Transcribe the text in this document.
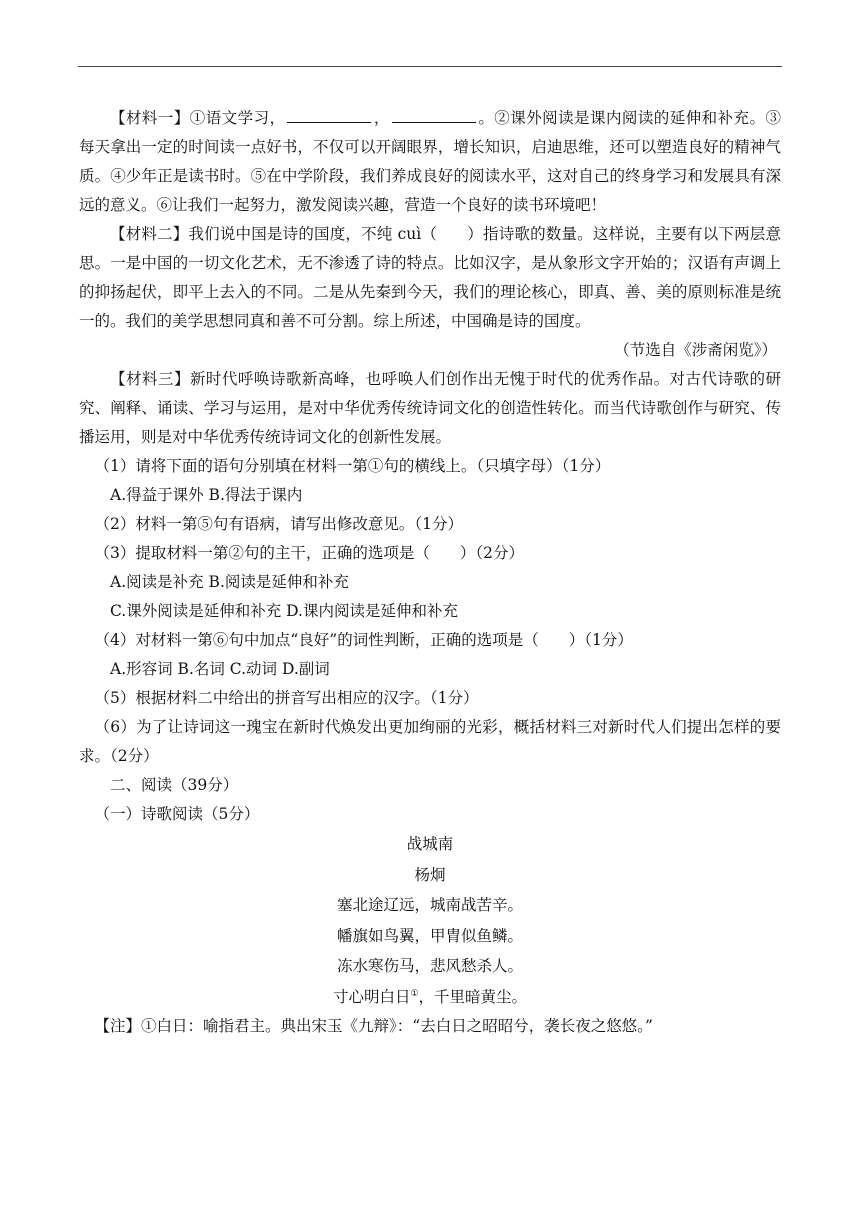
【材料一】①语文学习，	，	。②课外阅读是课内阅读的延伸和补充。③每天拿出一定的时间读一点好书，不仅可以开阔眼界，增长知识，启迪思维，还可以塑造良好的精神气质。④少年正是读书时。⑤在中学阶段，我们养成良好的阅读水平，这对自己的终身学习和发展具有深远的意义。⑥让我们一起努力，激发阅读兴趣，营造一个良好的读书环境吧！

【材料二】我们说中国是诗的国度，不纯 cuì（ ）指诗歌的数量。这样说，主要有以下两层意思。一是中国的一切文化艺术，无不渗透了诗的特点。比如汉字，是从象形文字开始的；汉语有声调上的抑扬起伏，即平上去入的不同。二是从先秦到今天，我们的理论核心，即真、善、美的原则标准是统一的。我们的美学思想同真和善不可分割。综上所述，中国确是诗的国度。

（节选自《涉斋闲览》）

【材料三】新时代呼唤诗歌新高峰，也呼唤人们创作出无愧于时代的优秀作品。对古代诗歌的研究、阐释、诵读、学习与运用，是对中华优秀传统诗词文化的创造性转化。而当代诗歌创作与研究、传播运用，则是对中华优秀传统诗词文化的创新性发展。

（1）请将下面的语句分别填在材料一第①句的横线上。（只填字母）（1分）

A.得益于课外 B.得法于课内

（2）材料一第⑤句有语病，请写出修改意见。（1分）

（3）提取材料一第②句的主干，正确的选项是（ ）（2分）

A.阅读是补充 B.阅读是延伸和补充

C.课外阅读是延伸和补充 D.课内阅读是延伸和补充

（4）对材料一第⑥句中加点“良好”的词性判断，正确的选项是（ ）（1分）

A.形容词 B.名词 C.动词 D.副词

（5）根据材料二中给出的拼音写出相应的汉字。（1分）

（6）为了让诗词这一瑰宝在新时代焕发出更加绚丽的光彩，概括材料三对新时代人们提出怎样的要求。（2分）

二、阅读（39分）

（一）诗歌阅读（5分）

战城南

杨炯

塞北途辽远，城南战苦辛。

幡旗如鸟翼，甲胄似鱼鳞。

冻水寒伤马，悲风愁杀人。

寸心明白日①，千里暗黄尘。

【注】①白日：喻指君主。典出宋玉《九辩》：“去白日之昭昭兮，袭长夜之悠悠。”
